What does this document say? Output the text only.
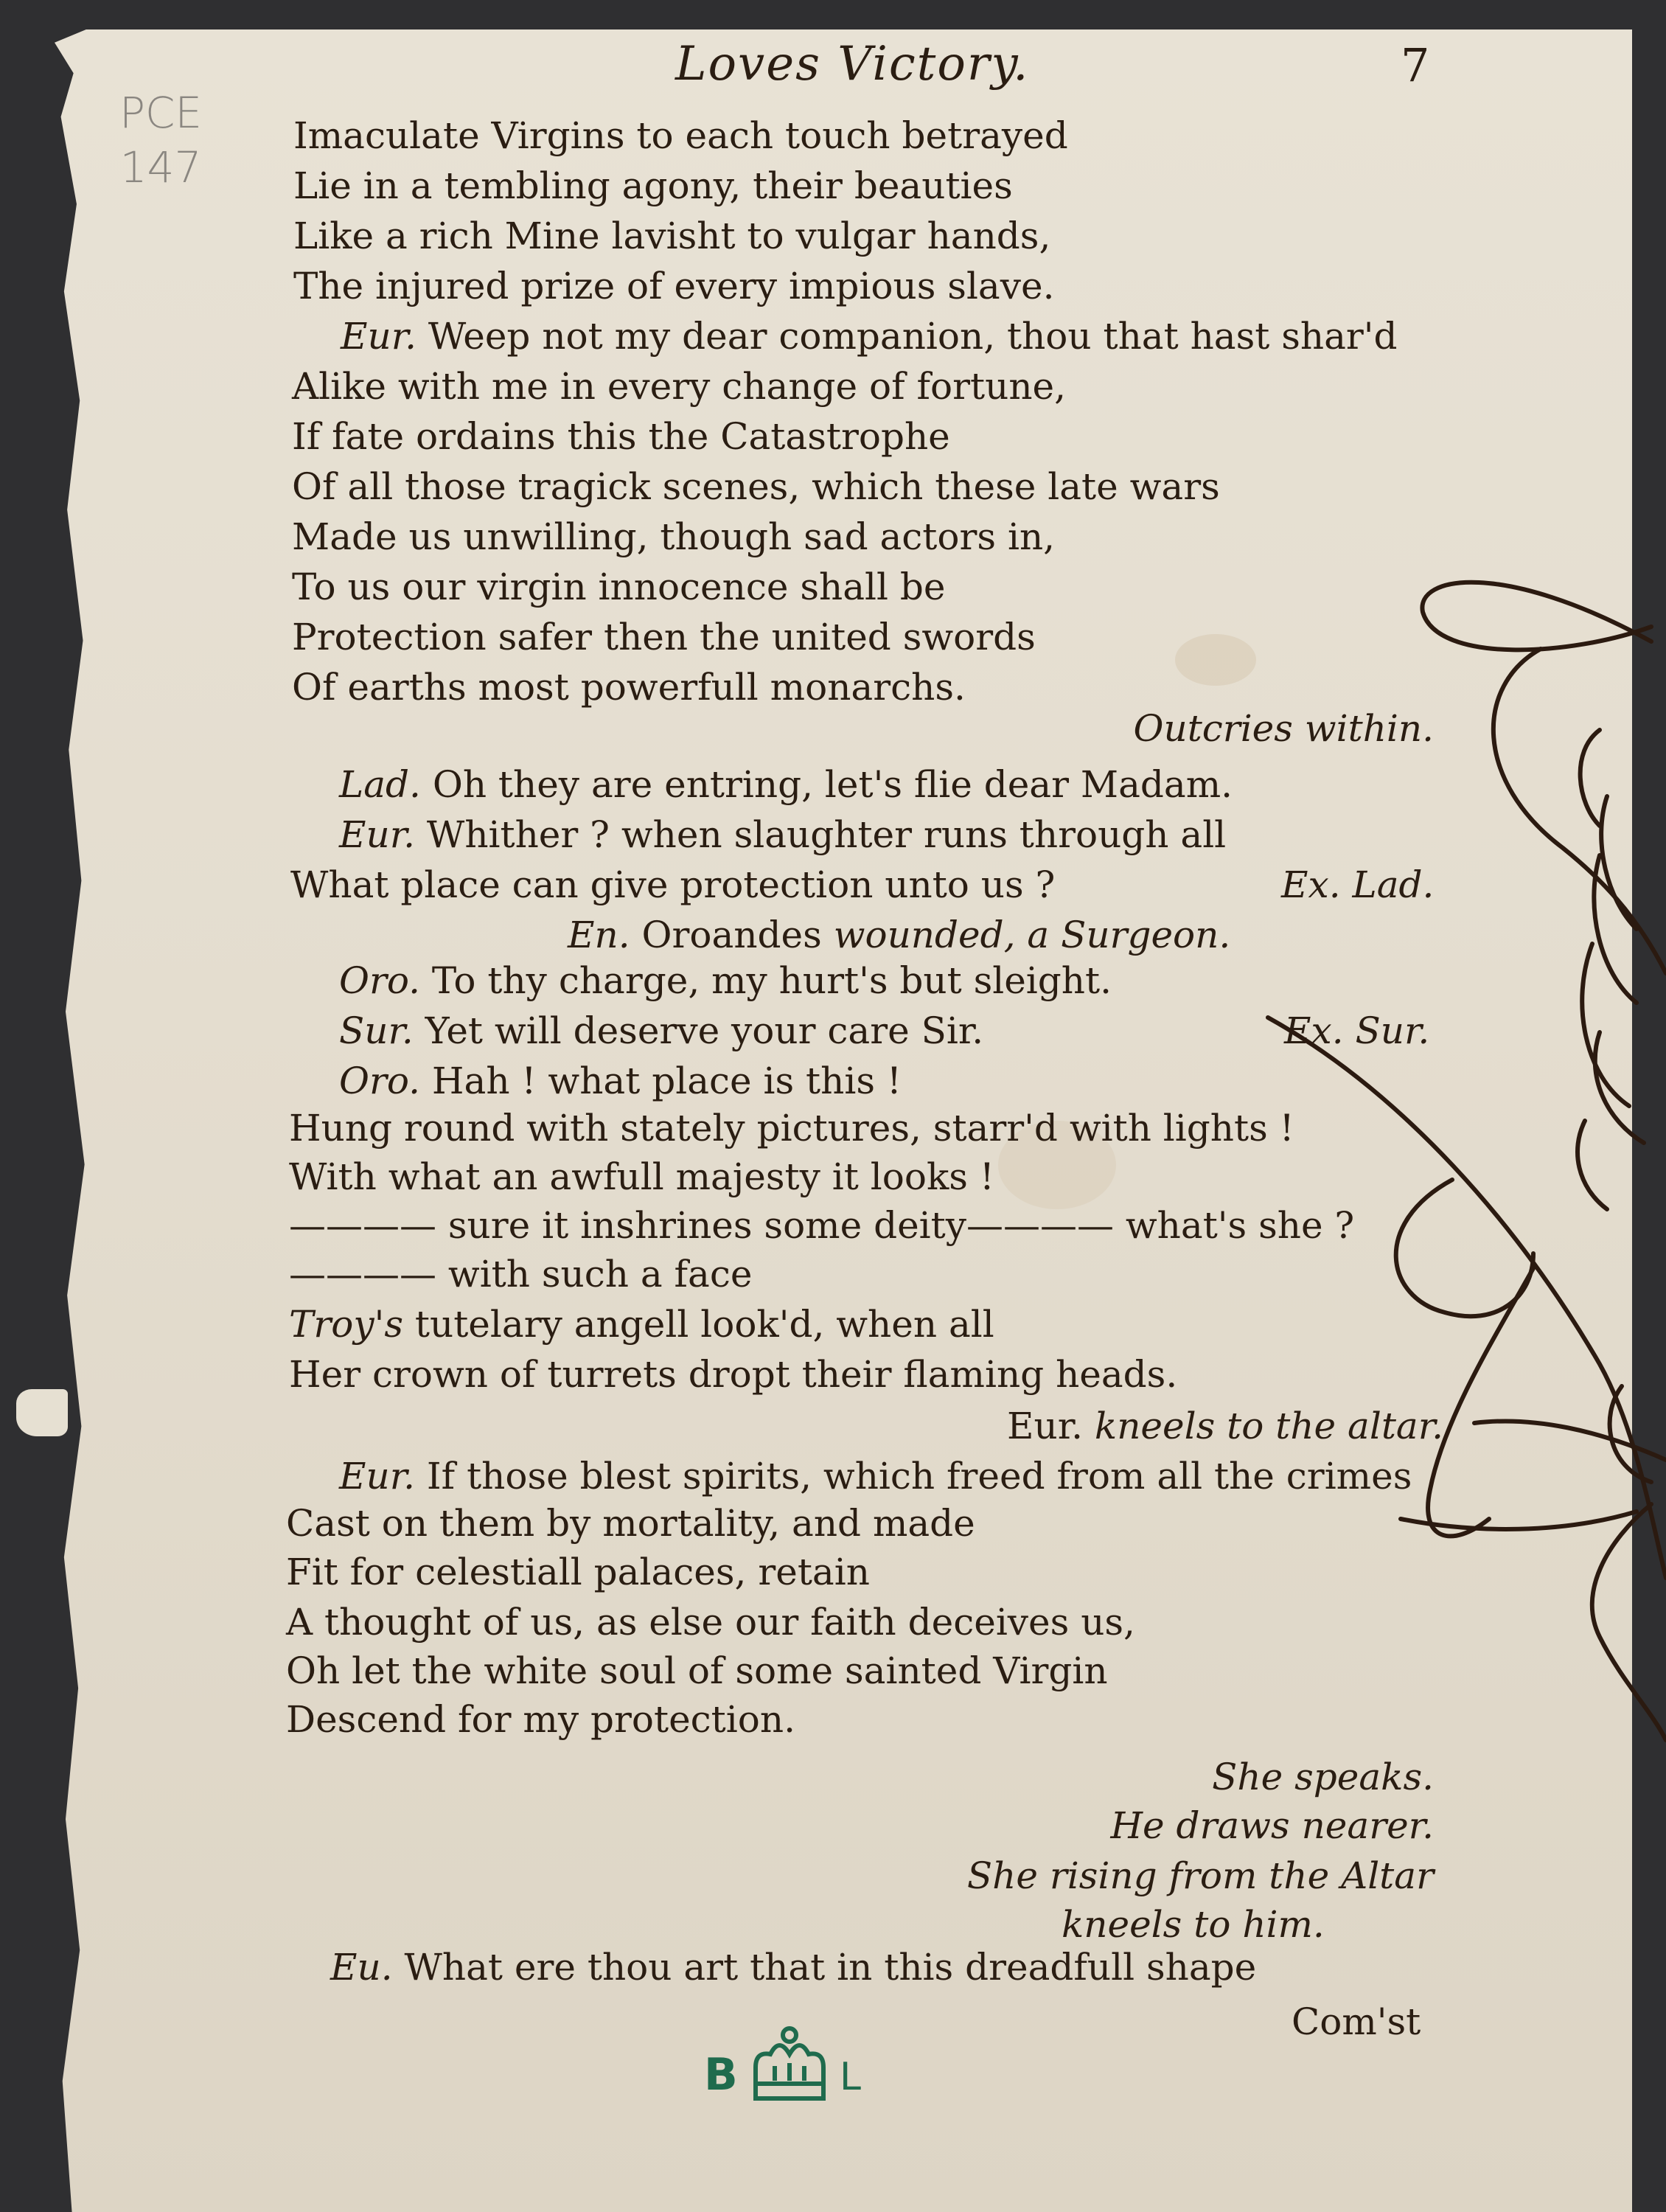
Loves Victory.	7
PCE
147
Imaculate Virgins to each touch betrayed
Lie in a tembling agony, their beauties
Like a rich Mine lavisht to vulgar hands,
The injured prize of every impious slave.
Eur. Weep not my dear companion, thou that hast shar'd
Alike with me in every change of fortune,
If fate ordains this the Catastrophe
Of all those tragick scenes, which these late wars
Made us unwilling, though sad actors in,
To us our virgin innocence shall be
Protection safer then the united swords
Of earths most powerfull monarchs.
Outcries within.
Lad. Oh they are entring, let's flie dear Madam.
Eur. Whither ? when slaughter runs through all
What place can give protection unto us ?	Ex. Lad.
En. Oroandes wounded, a Surgeon.
Oro. To thy charge, my hurt's but sleight.
Sur. Yet will deserve your care Sir.	Ex. Sur.
Oro. Hah ! what place is this !
Hung round with stately pictures, starr'd with lights !
With what an awfull majesty it looks !
———— sure it inshrines some deity———— what's she ?
———— with such a face
Troy's tutelary angell look'd, when all
Her crown of turrets dropt their flaming heads.
Eur. kneels to the altar.
Eur. If those blest spirits, which freed from all the crimes
Cast on them by mortality, and made
Fit for celestiall palaces, retain
A thought of us, as else our faith deceives us,
Oh let the white soul of some sainted Virgin
Descend for my protection.
She speaks.
He draws nearer.
She rising from the Altar
kneels to him.
Eu. What ere thou art that in this dreadfull shape
Com'st
B	L
